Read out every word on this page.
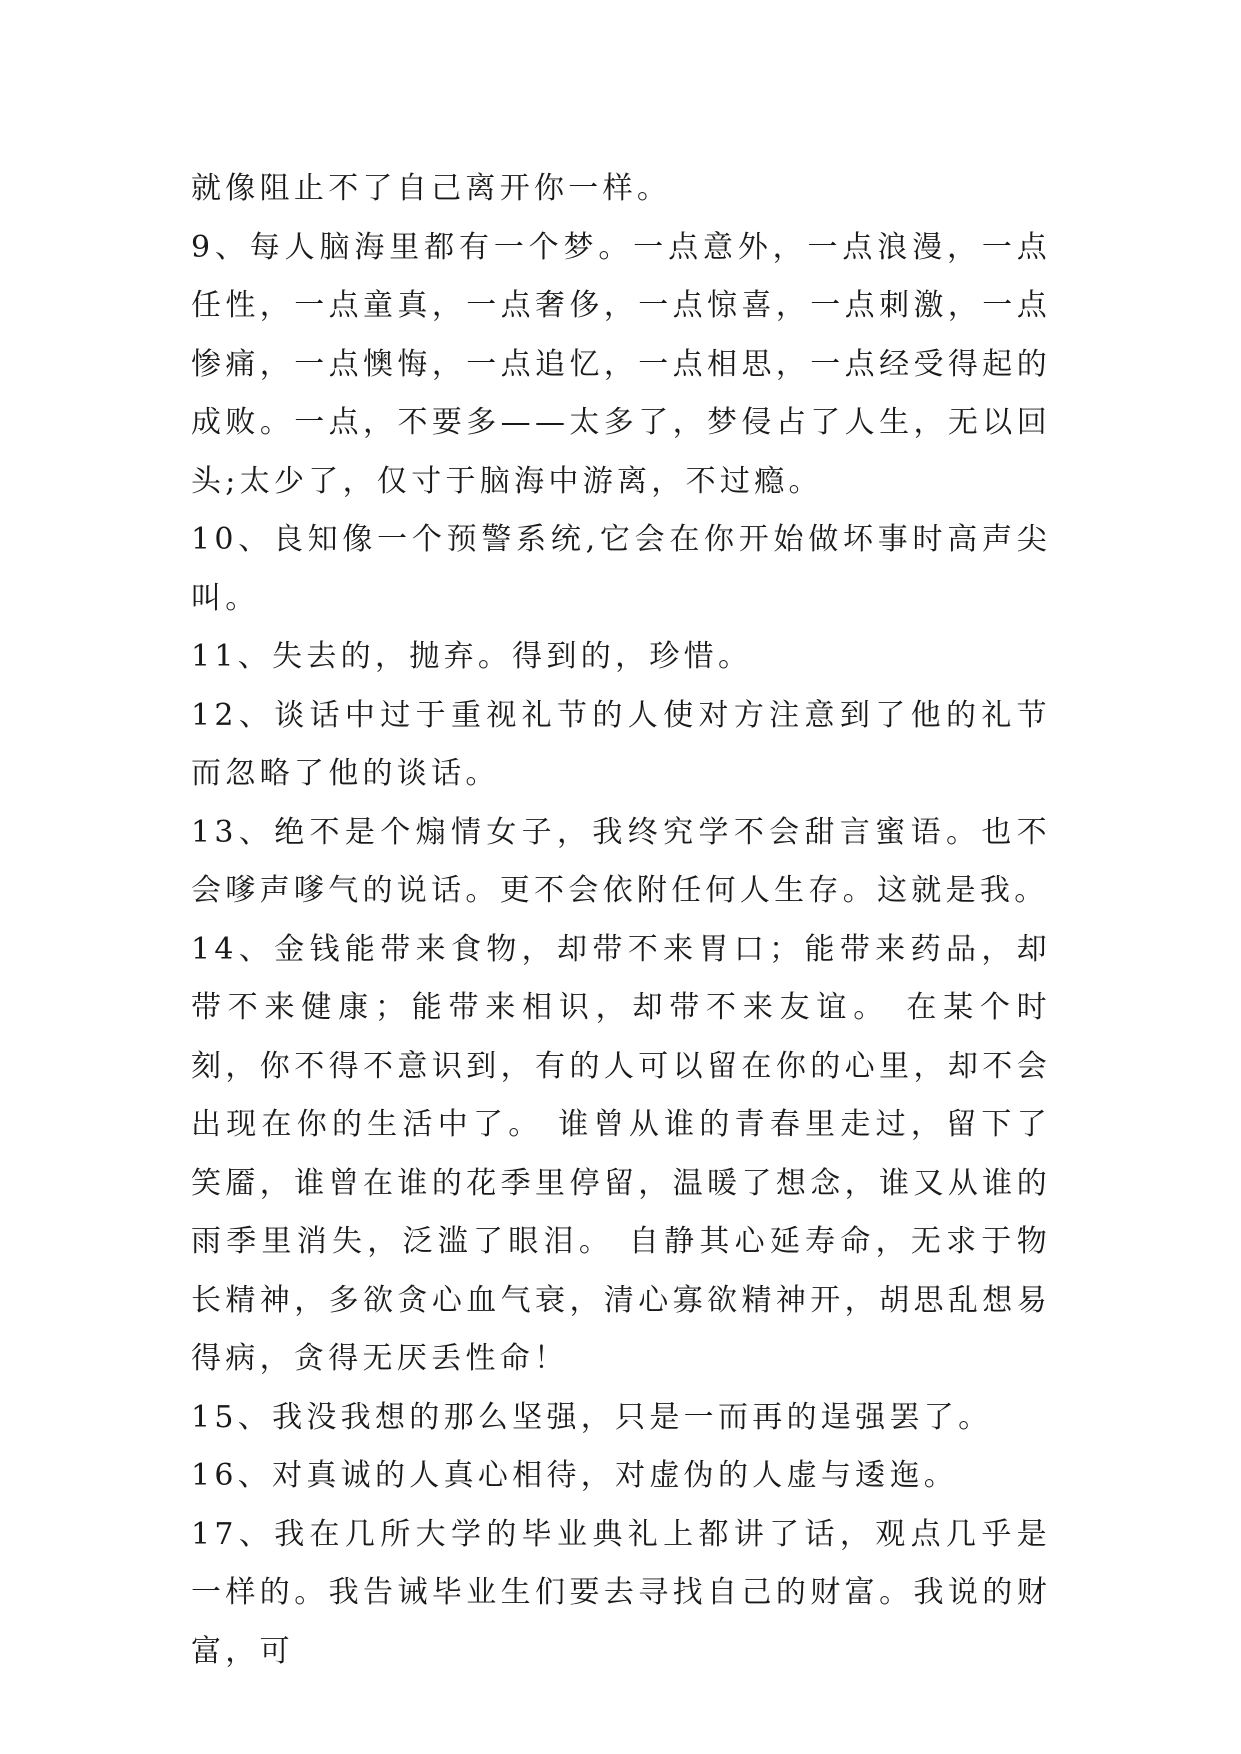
就像阻止不了自己离开你一样。

9、每人脑海里都有一个梦。一点意外，一点浪漫，一点任性，一点童真，一点奢侈，一点惊喜，一点刺激，一点惨痛，一点懊悔，一点追忆，一点相思，一点经受得起的成败。一点，不要多——太多了，梦侵占了人生，无以回头;太少了，仅寸于脑海中游离，不过瘾。

10、良知像一个预警系统,它会在你开始做坏事时高声尖叫。

11、失去的，抛弃。得到的，珍惜。

12、谈话中过于重视礼节的人使对方注意到了他的礼节而忽略了他的谈话。

13、绝不是个煽情女子，我终究学不会甜言蜜语。也不会嗲声嗲气的说话。更不会依附任何人生存。这就是我。

14、金钱能带来食物，却带不来胃口；能带来药品，却带不来健康；能带来相识，却带不来友谊。 在某个时刻，你不得不意识到，有的人可以留在你的心里，却不会出现在你的生活中了。 谁曾从谁的青春里走过，留下了笑靥，谁曾在谁的花季里停留，温暖了想念，谁又从谁的雨季里消失，泛滥了眼泪。 自静其心延寿命，无求于物长精神，多欲贪心血气衰，清心寡欲精神开，胡思乱想易得病，贪得无厌丢性命！

15、我没我想的那么坚强，只是一而再的逞强罢了。

16、对真诚的人真心相待，对虚伪的人虚与逶迤。

17、我在几所大学的毕业典礼上都讲了话，观点几乎是一样的。我告诫毕业生们要去寻找自己的财富。我说的财富，可
